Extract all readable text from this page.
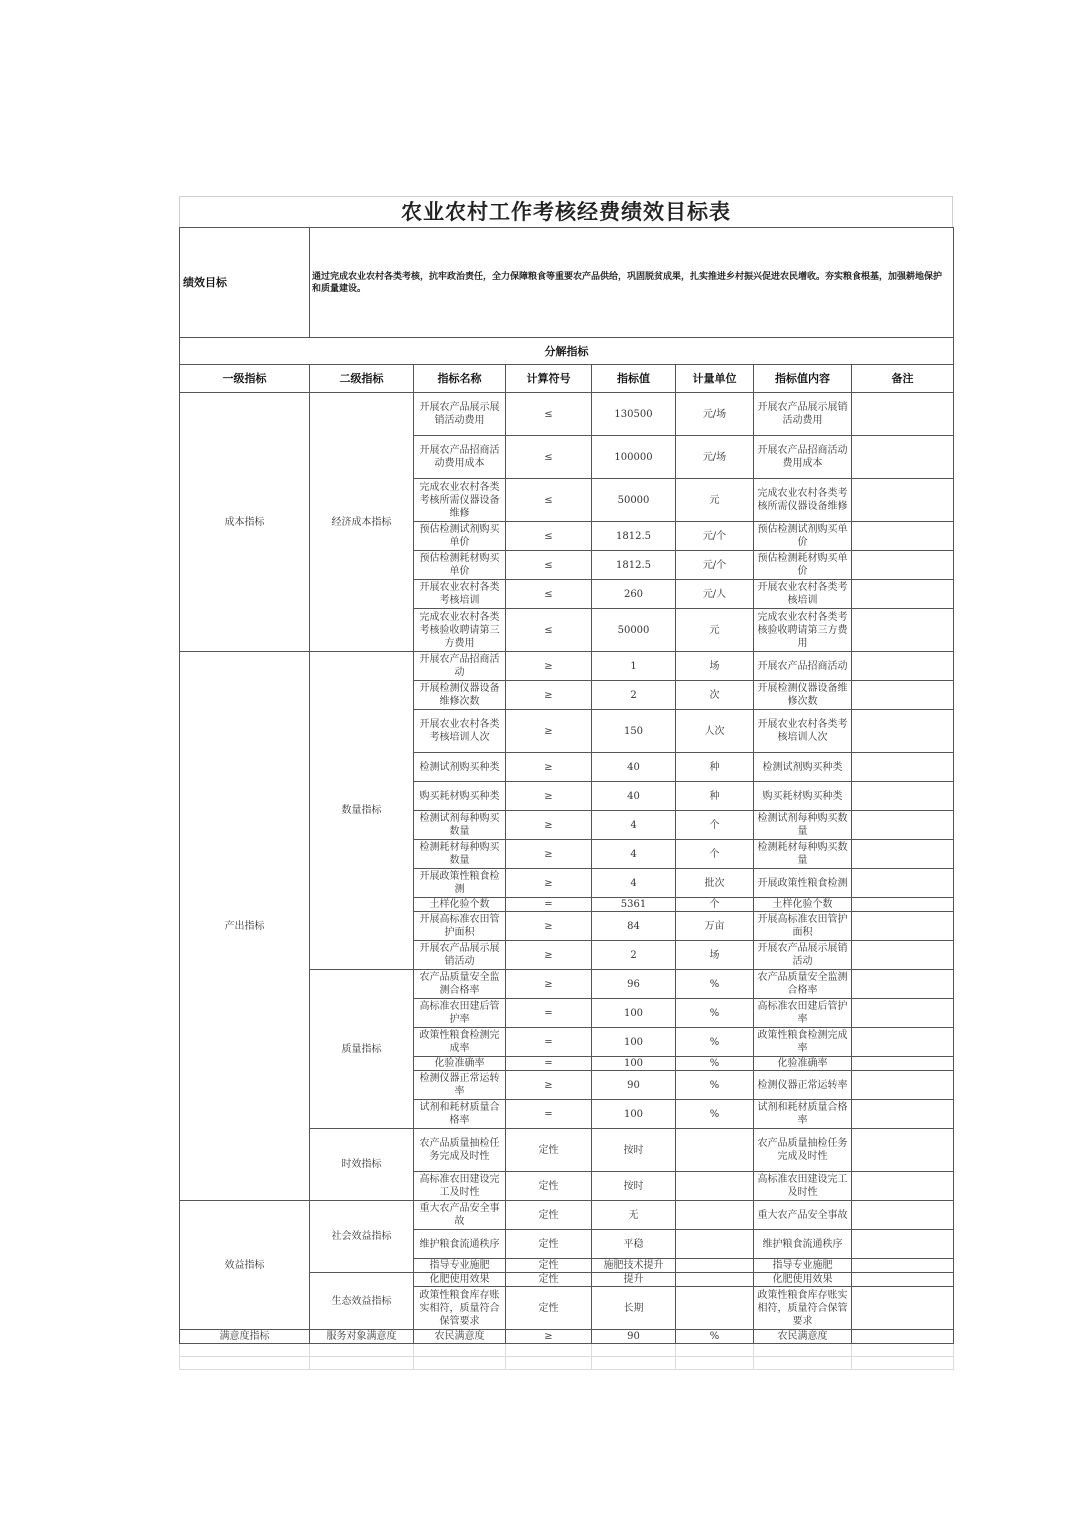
农业农村工作考核经费绩效目标表
绩效目标	通过完成农业农村各类考核，抗牢政治责任，全力保障粮食等重要农产品供给，巩固脱贫成果，扎实推进乡村振兴促进农民增收。夯实粮食根基，加强耕地保护和质量建设。						
分解指标							
一级指标	二级指标	指标名称	计算符号	指标值	计量单位	指标值内容	备注
成本指标	经济成本指标	开展农产品展示展销活动费用	≤	130500	元/场	开展农产品展示展销活动费用	
		开展农产品招商活动费用成本	≤	100000	元/场	开展农产品招商活动费用成本	
		完成农业农村各类考核所需仪器设备维修	≤	50000	元	完成农业农村各类考核所需仪器设备维修	
		预估检测试剂购买单价	≤	1812.5	元/个	预估检测试剂购买单价	
		预估检测耗材购买单价	≤	1812.5	元/个	预估检测耗材购买单价	
		开展农业农村各类考核培训	≤	260	元/人	开展农业农村各类考核培训	
		完成农业农村各类考核验收聘请第三方费用	≤	50000	元	完成农业农村各类考核验收聘请第三方费用	
产出指标	数量指标	开展农产品招商活动	≥	1	场	开展农产品招商活动	
		开展检测仪器设备维修次数	≥	2	次	开展检测仪器设备维修次数	
		开展农业农村各类考核培训人次	≥	150	人次	开展农业农村各类考核培训人次	
		检测试剂购买种类	≥	40	种	检测试剂购买种类	
		购买耗材购买种类	≥	40	种	购买耗材购买种类	
		检测试剂每种购买数量	≥	4	个	检测试剂每种购买数量	
		检测耗材每种购买数量	≥	4	个	检测耗材每种购买数量	
		开展政策性粮食检测	≥	4	批次	开展政策性粮食检测	
		土样化验个数	=	5361	个	土样化验个数	
		开展高标准农田管护面积	≥	84	万亩	开展高标准农田管护面积	
		开展农产品展示展销活动	≥	2	场	开展农产品展示展销活动	
	质量指标	农产品质量安全监测合格率	≥	96	%	农产品质量安全监测合格率	
		高标准农田建后管护率	=	100	%	高标准农田建后管护率	
		政策性粮食检测完成率	=	100	%	政策性粮食检测完成率	
		化验准确率	=	100	%	化验准确率	
		检测仪器正常运转率	≥	90	%	检测仪器正常运转率	
		试剂和耗材质量合格率	=	100	%	试剂和耗材质量合格率	
	时效指标	农产品质量抽检任务完成及时性	定性	按时		农产品质量抽检任务完成及时性	
		高标准农田建设完工及时性	定性	按时		高标准农田建设完工及时性	
效益指标	社会效益指标	重大农产品安全事故	定性	无		重大农产品安全事故	
		维护粮食流通秩序	定性	平稳		维护粮食流通秩序	
		指导专业施肥	定性	施肥技术提升		指导专业施肥	
	生态效益指标	化肥使用效果	定性	提升		化肥使用效果	
		政策性粮食库存账实相符，质量符合保管要求	定性	长期		政策性粮食库存账实相符，质量符合保管要求	
满意度指标	服务对象满意度	农民满意度	≥	90	%	农民满意度	
